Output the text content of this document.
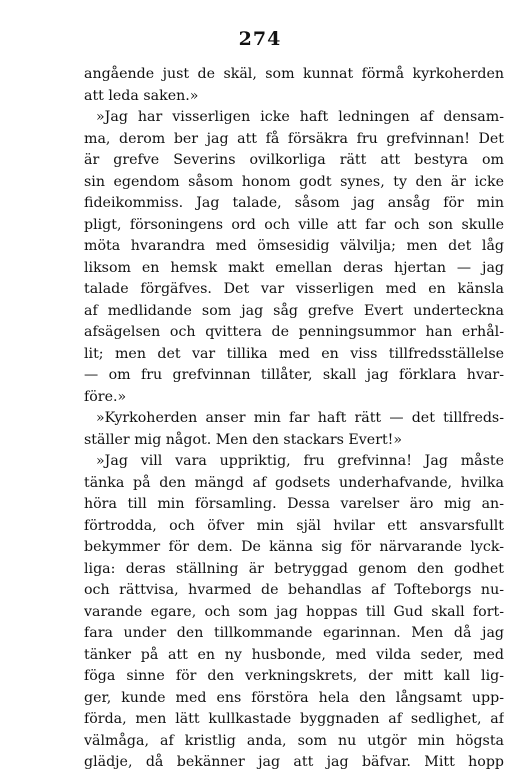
274
angående just de skäl, som kunnat förmå kyrkoherden
att leda saken.»
»Jag har visserligen icke haft ledningen af densam-
ma, derom ber jag att få försäkra fru grefvinnan! Det
är grefve Severins ovilkorliga rätt att bestyra om
sin egendom såsom honom godt synes, ty den är icke
fideikommiss. Jag talade, såsom jag ansåg för min
pligt, försoningens ord och ville att far och son skulle
möta hvarandra med ömsesidig välvilja; men det låg
liksom en hemsk makt emellan deras hjertan — jag
talade förgäfves. Det var visserligen med en känsla
af medlidande som jag såg grefve Evert underteckna
afsägelsen och qvittera de penningsummor han erhål-
lit; men det var tillika med en viss tillfredsställelse
— om fru grefvinnan tillåter, skall jag förklara hvar-
före.»
»Kyrkoherden anser min far haft rätt — det tillfreds-
ställer mig något. Men den stackars Evert!»
»Jag vill vara uppriktig, fru grefvinna! Jag måste
tänka på den mängd af godsets underhafvande, hvilka
höra till min församling. Dessa varelser äro mig an-
förtrodda, och öfver min själ hvilar ett ansvarsfullt
bekymmer för dem. De känna sig för närvarande lyck-
liga: deras ställning är betryggad genom den godhet
och rättvisa, hvarmed de behandlas af Tofteborgs nu-
varande egare, och som jag hoppas till Gud skall fort-
fara under den tillkommande egarinnan. Men då jag
tänker på att en ny husbonde, med vilda seder, med
föga sinne för den verkningskrets, der mitt kall lig-
ger, kunde med ens förstöra hela den långsamt upp-
förda, men lätt kullkastade byggnaden af sedlighet, af
välmåga, af kristlig anda, som nu utgör min högsta
glädje, då bekänner jag att jag bäfvar. Mitt hopp
